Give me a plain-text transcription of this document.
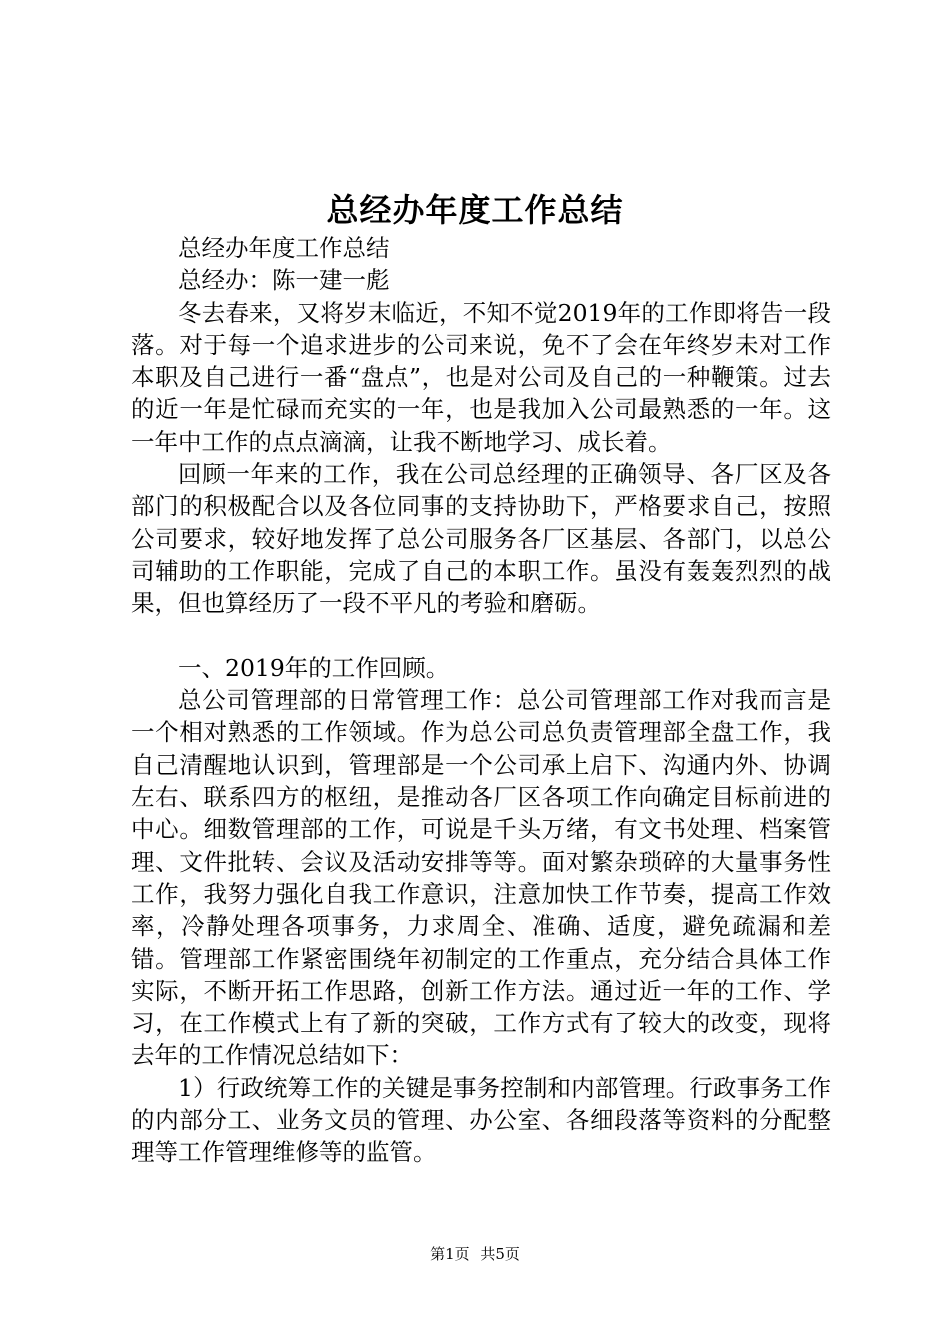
总经办年度工作总结

总经办年度工作总结

总经办：陈一建一彪

冬去春来，又将岁末临近，不知不觉2019年的工作即将告一段落。对于每一个追求进步的公司来说，免不了会在年终岁未对工作本职及自己进行一番“盘点”，也是对公司及自己的一种鞭策。过去的近一年是忙碌而充实的一年，也是我加入公司最熟悉的一年。这一年中工作的点点滴滴，让我不断地学习、成长着。

回顾一年来的工作，我在公司总经理的正确领导、各厂区及各部门的积极配合以及各位同事的支持协助下，严格要求自己，按照公司要求，较好地发挥了总公司服务各厂区基层、各部门，以总公司辅助的工作职能，完成了自己的本职工作。虽没有轰轰烈烈的战果，但也算经历了一段不平凡的考验和磨砺。

一、2019年的工作回顾。

总公司管理部的日常管理工作：总公司管理部工作对我而言是一个相对熟悉的工作领域。作为总公司总负责管理部全盘工作，我自己清醒地认识到，管理部是一个公司承上启下、沟通内外、协调左右、联系四方的枢纽，是推动各厂区各项工作向确定目标前进的中心。细数管理部的工作，可说是千头万绪，有文书处理、档案管理、文件批转、会议及活动安排等等。面对繁杂琐碎的大量事务性工作，我努力强化自我工作意识，注意加快工作节奏，提高工作效率，冷静处理各项事务，力求周全、准确、适度，避免疏漏和差错。管理部工作紧密围绕年初制定的工作重点，充分结合具体工作实际，不断开拓工作思路，创新工作方法。通过近一年的工作、学习，在工作模式上有了新的突破，工作方式有了较大的改变，现将去年的工作情况总结如下：

1）行政统筹工作的关键是事务控制和内部管理。行政事务工作的内部分工、业务文员的管理、办公室、各细段落等资料的分配整理等工作管理维修等的监管。

第1页 共5页
